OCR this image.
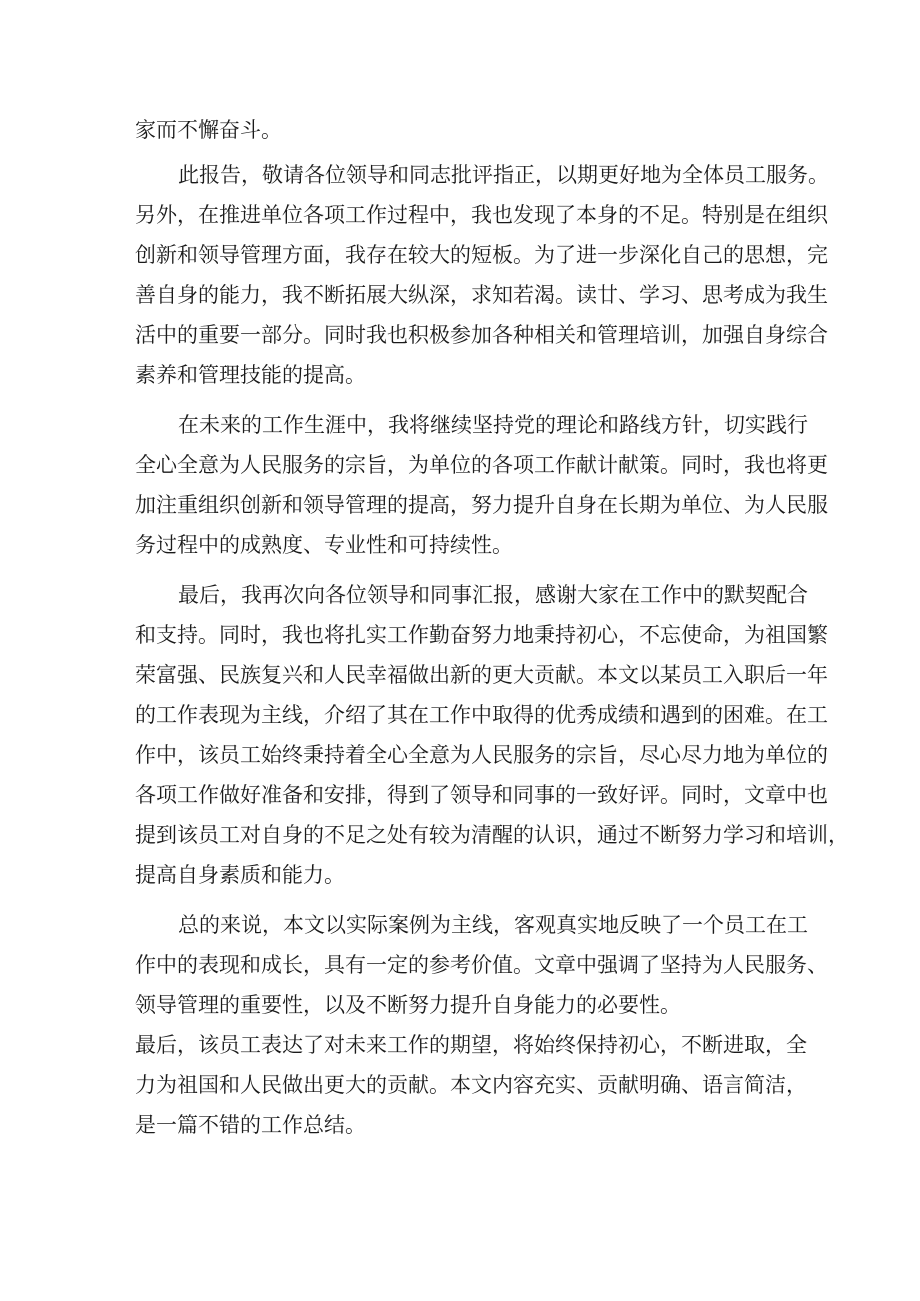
家而不懈奋斗。

此报告，敬请各位领导和同志批评指正，以期更好地为全体员工服务。

另外，在推进单位各项工作过程中，我也发现了本身的不足。特别是在组织

创新和领导管理方面，我存在较大的短板。为了进一步深化自己的思想，完

善自身的能力，我不断拓展大纵深，求知若渴。读廿、学习、思考成为我生

活中的重要一部分。同时我也积极参加各种相关和管理培训，加强自身综合

素养和管理技能的提高。

在未来的工作生涯中，我将继续坚持党的理论和路线方针，切实践行

全心全意为人民服务的宗旨，为单位的各项工作献计献策。同时，我也将更

加注重组织创新和领导管理的提高，努力提升自身在长期为单位、为人民服

务过程中的成熟度、专业性和可持续性。

最后，我再次向各位领导和同事汇报，感谢大家在工作中的默契配合

和支持。同时，我也将扎实工作勤奋努力地秉持初心，不忘使命，为祖国繁

荣富强、民族复兴和人民幸福做出新的更大贡献。本文以某员工入职后一年

的工作表现为主线，介绍了其在工作中取得的优秀成绩和遇到的困难。在工

作中，该员工始终秉持着全心全意为人民服务的宗旨，尽心尽力地为单位的

各项工作做好准备和安排，得到了领导和同事的一致好评。同时，文章中也

提到该员工对自身的不足之处有较为清醒的认识，通过不断努力学习和培训，

提高自身素质和能力。

总的来说，本文以实际案例为主线，客观真实地反映了一个员工在工

作中的表现和成长，具有一定的参考价值。文章中强调了坚持为人民服务、

领导管理的重要性，以及不断努力提升自身能力的必要性。

最后，该员工表达了对未来工作的期望，将始终保持初心，不断进取，全

力为祖国和人民做出更大的贡献。本文内容充实、贡献明确、语言简洁，

是一篇不错的工作总结。
